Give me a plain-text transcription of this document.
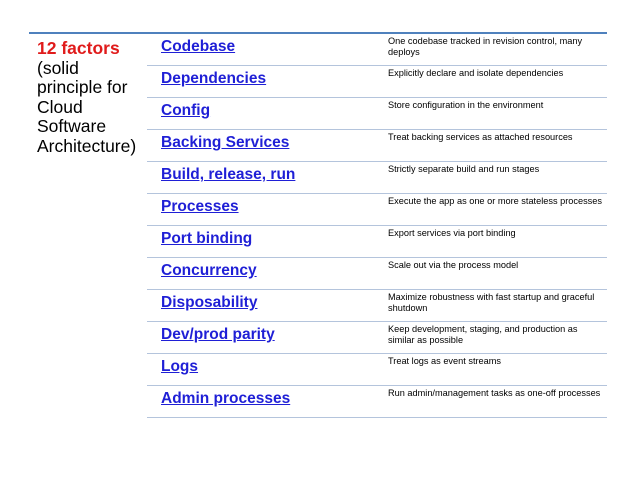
12 factors
(solid
principle for
Cloud
Software
Architecture)
Codebase	One codebase tracked in revision control, many deploys
Dependencies	Explicitly declare and isolate dependencies
Config	Store configuration in the environment
Backing Services	Treat backing services as attached resources
Build, release, run	Strictly separate build and run stages
Processes	Execute the app as one or more stateless processes
Port binding	Export services via port binding
Concurrency	Scale out via the process model
Disposability	Maximize robustness with fast startup and graceful shutdown
Dev/prod parity	Keep development, staging, and production as similar as possible
Logs	Treat logs as event streams
Admin processes	Run admin/management tasks as one-off processes
